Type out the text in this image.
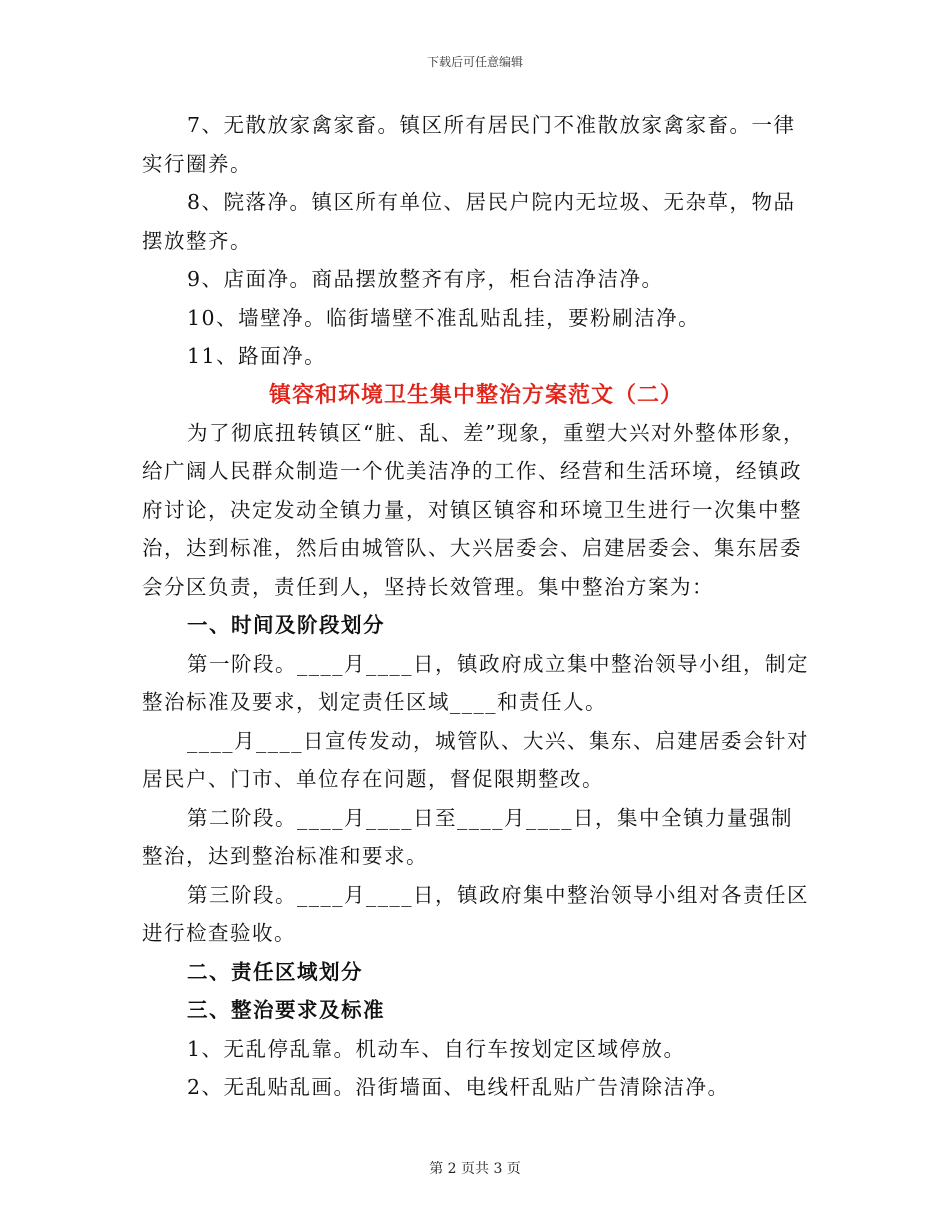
下载后可任意编辑

7、无散放家禽家畜。镇区所有居民门不准散放家禽家畜。一律实行圈养。

8、院落净。镇区所有单位、居民户院内无垃圾、无杂草，物品摆放整齐。

9、店面净。商品摆放整齐有序，柜台洁净洁净。

10、墙壁净。临街墙壁不准乱贴乱挂，要粉刷洁净。

11、路面净。

镇容和环境卫生集中整治方案范文（二）

为了彻底扭转镇区“脏、乱、差”现象，重塑大兴对外整体形象，给广阔人民群众制造一个优美洁净的工作、经营和生活环境，经镇政府讨论，决定发动全镇力量，对镇区镇容和环境卫生进行一次集中整治，达到标准，然后由城管队、大兴居委会、启建居委会、集东居委会分区负责，责任到人，坚持长效管理。集中整治方案为：

一、时间及阶段划分

第一阶段。____月____日，镇政府成立集中整治领导小组，制定整治标准及要求，划定责任区域____和责任人。

____月____日宣传发动，城管队、大兴、集东、启建居委会针对居民户、门市、单位存在问题，督促限期整改。

第二阶段。____月____日至____月____日，集中全镇力量强制整治，达到整治标准和要求。

第三阶段。____月____日，镇政府集中整治领导小组对各责任区进行检查验收。

二、责任区域划分

三、整治要求及标准

1、无乱停乱靠。机动车、自行车按划定区域停放。

2、无乱贴乱画。沿街墙面、电线杆乱贴广告清除洁净。

第 2 页共 3 页
